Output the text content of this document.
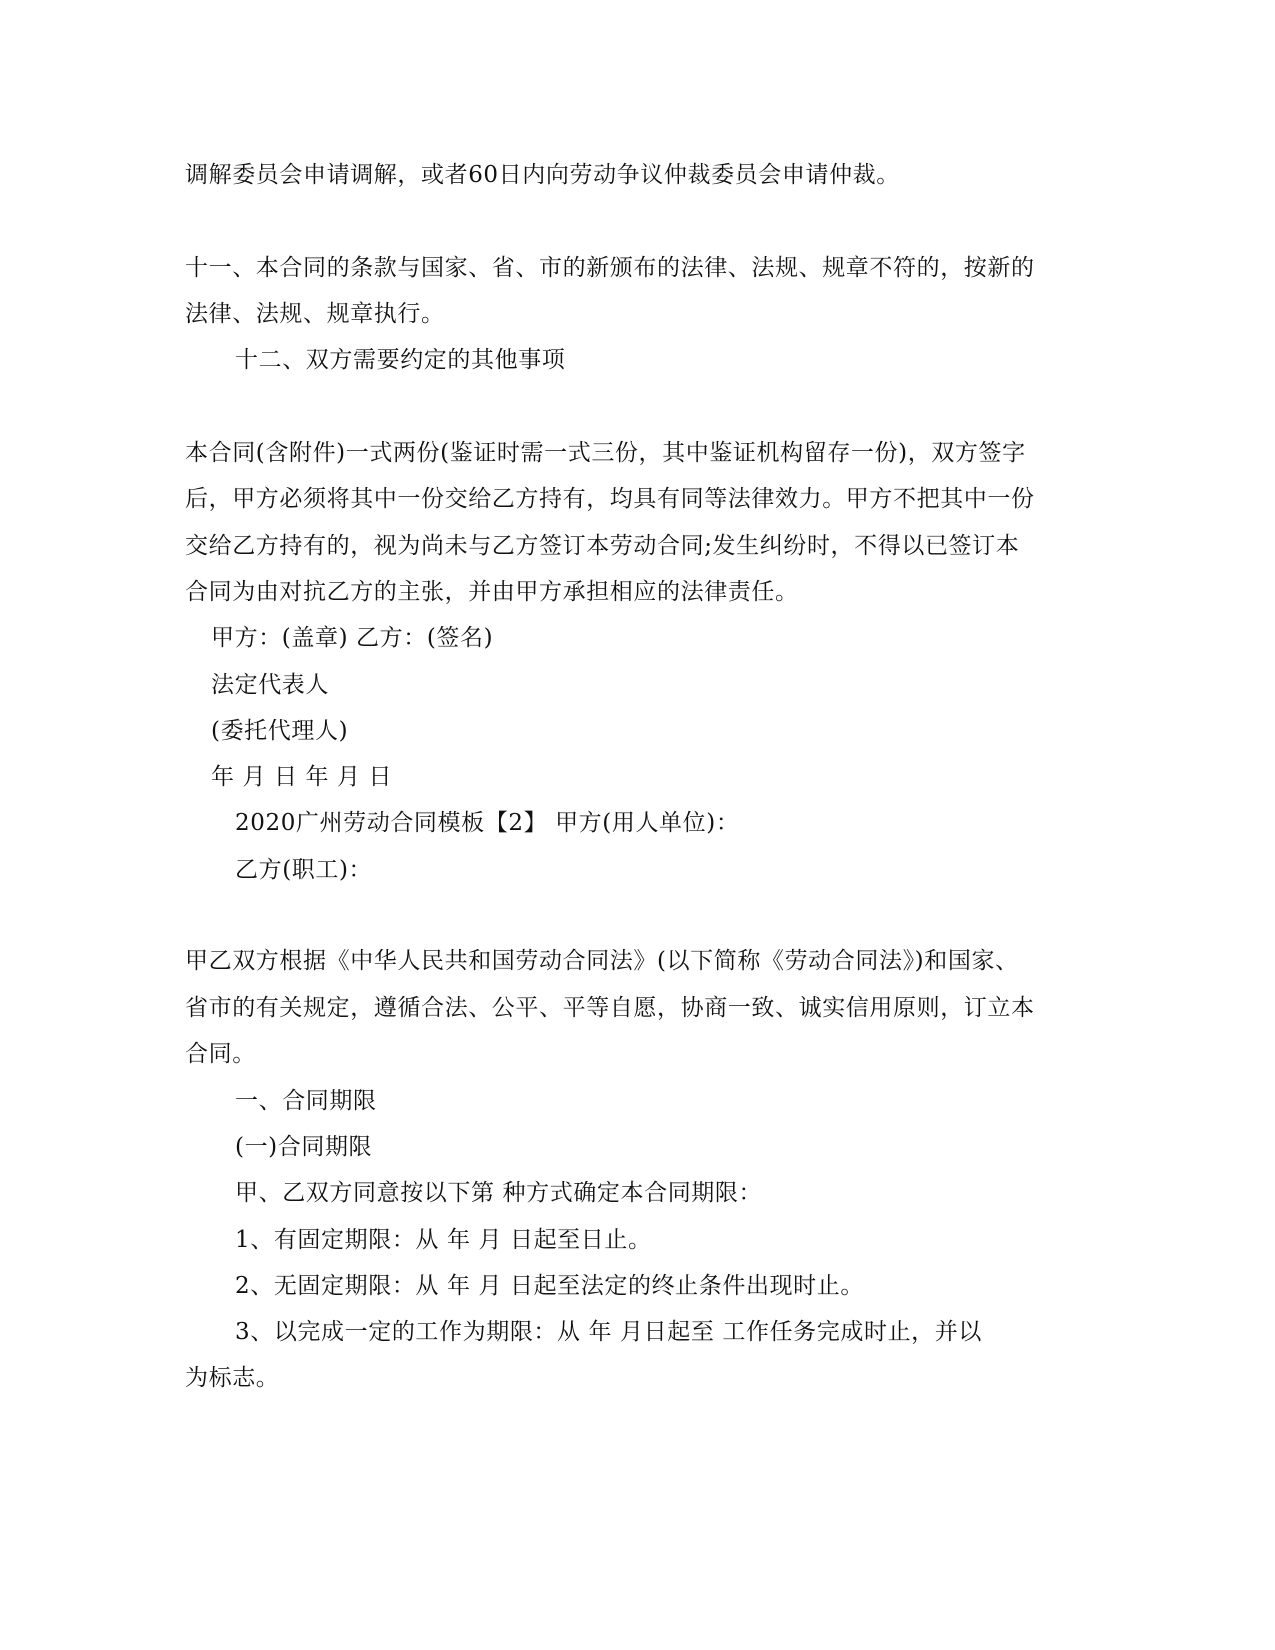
调解委员会申请调解，或者60日内向劳动争议仲裁委员会申请仲裁。
十一、本合同的条款与国家、省、市的新颁布的法律、法规、规章不符的，按新的
法律、法规、规章执行。
十二、双方需要约定的其他事项
本合同(含附件)一式两份(鉴证时需一式三份，其中鉴证机构留存一份)，双方签字
后，甲方必须将其中一份交给乙方持有，均具有同等法律效力。甲方不把其中一份
交给乙方持有的，视为尚未与乙方签订本劳动合同;发生纠纷时，不得以已签订本
合同为由对抗乙方的主张，并由甲方承担相应的法律责任。
甲方：(盖章) 乙方：(签名)
法定代表人
(委托代理人)
年 月 日 年 月 日
2020广州劳动合同模板【2】 甲方(用人单位)：
乙方(职工)：
甲乙双方根据《中华人民共和国劳动合同法》(以下简称《劳动合同法》)和国家、
省市的有关规定，遵循合法、公平、平等自愿，协商一致、诚实信用原则，订立本
合同。
一、合同期限
(一)合同期限
甲、乙双方同意按以下第 种方式确定本合同期限：
1、有固定期限：从 年 月 日起至日止。
2、无固定期限：从 年 月 日起至法定的终止条件出现时止。
3、以完成一定的工作为期限：从 年 月日起至 工作任务完成时止，并以
为标志。
